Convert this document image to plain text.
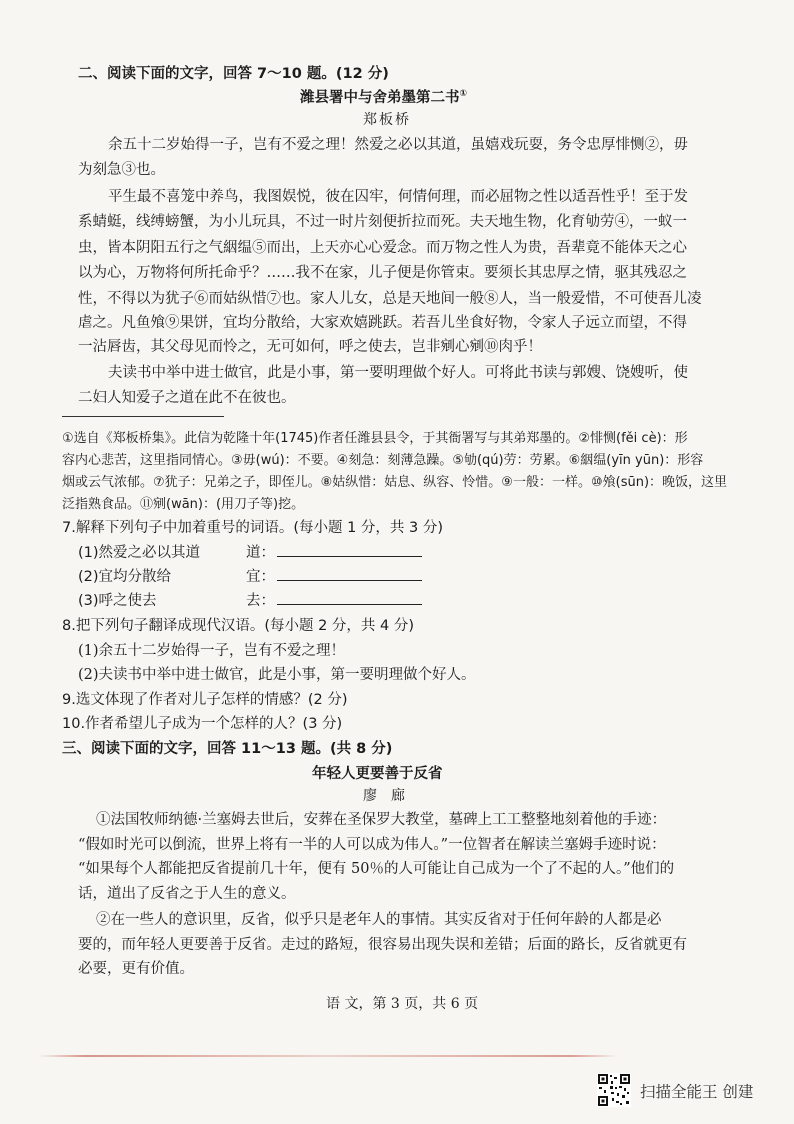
二、阅读下面的文字，回答 7～10 题。(12 分)
潍县署中与舍弟墨第二书①
郑板桥
余五十二岁始得一子，岂有不爱之理！然爱之必以其道，虽嬉戏玩耍，务令忠厚悱恻②，毋
为刻急③也。
平生最不喜笼中养鸟，我图娱悦，彼在囚牢，何情何理，而必屈物之性以适吾性乎！至于发
系蜻蜓，线缚螃蟹，为小儿玩具，不过一时片刻便折拉而死。夫天地生物，化育劬劳④，一蚁一
虫，皆本阴阳五行之气絪缊⑤而出，上天亦心心爱念。而万物之性人为贵，吾辈竟不能体天之心
以为心，万物将何所托命乎？……我不在家，儿子便是你管束。要须长其忠厚之情，驱其残忍之
性，不得以为犹子⑥而姑纵惜⑦也。家人儿女，总是天地间一般⑧人，当一般爱惜，不可使吾儿凌
虐之。凡鱼飧⑨果饼，宜均分散给，大家欢嬉跳跃。若吾儿坐食好物，令家人子远立而望，不得
一沾唇齿，其父母见而怜之，无可如何，呼之使去，岂非剜心剜⑩肉乎！
夫读书中举中进士做官，此是小事，第一要明理做个好人。可将此书读与郭嫂、饶嫂听，使
二妇人知爱子之道在此不在彼也。
①选自《郑板桥集》。此信为乾隆十年(1745)作者任潍县县令，于其衙署写与其弟郑墨的。②悱恻(fěi cè)：形
容内心悲苦，这里指同情心。③毋(wú)：不要。④刻急：刻薄急躁。⑤劬(qú)劳：劳累。⑥絪缊(yīn yūn)：形容
烟或云气浓郁。⑦犹子：兄弟之子，即侄儿。⑧姑纵惜：姑息、纵容、怜惜。⑨一般：一样。⑩飧(sūn)：晚饭，这里
泛指熟食品。⑪剜(wān)：(用刀子等)挖。
7.解释下列句子中加着重号的词语。(每小题 1 分，共 3 分)
(1)然爱之必以其道	道：
(2)宜均分散给	宜：
(3)呼之使去	去：
8.把下列句子翻译成现代汉语。(每小题 2 分，共 4 分)
(1)余五十二岁始得一子，岂有不爱之理！
(2)夫读书中举中进士做官，此是小事，第一要明理做个好人。
9.选文体现了作者对儿子怎样的情感？(2 分)
10.作者希望儿子成为一个怎样的人？(3 分)
三、阅读下面的文字，回答 11～13 题。(共 8 分)
年轻人更要善于反省
廖　廊
①法国牧师纳德·兰塞姆去世后，安葬在圣保罗大教堂，墓碑上工工整整地刻着他的手迹：
“假如时光可以倒流，世界上将有一半的人可以成为伟人。”一位智者在解读兰塞姆手迹时说：
“如果每个人都能把反省提前几十年，便有 50％的人可能让自己成为一个了不起的人。”他们的
话，道出了反省之于人生的意义。
②在一些人的意识里，反省，似乎只是老年人的事情。其实反省对于任何年龄的人都是必
要的，而年轻人更要善于反省。走过的路短，很容易出现失误和差错；后面的路长，反省就更有
必要，更有价值。
语 文，第 3 页，共 6 页
扫描全能王 创建
